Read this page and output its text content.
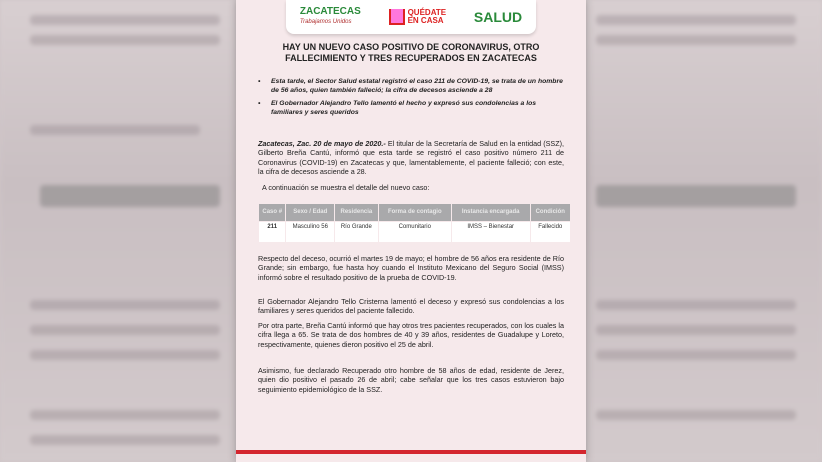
ZACATECAS
Trabajamos Unidos
QUÉDATE
EN CASA SALUD
HAY UN NUEVO CASO POSITIVO DE CORONAVIRUS, OTRO FALLECIMIENTO Y TRES RECUPERADOS EN ZACATECAS
• Esta tarde, el Sector Salud estatal registró el caso 211 de COVID-19, se trata de un hombre de 56 años, quien también falleció; la cifra de decesos asciende a 28
• El Gobernador Alejandro Tello lamentó el hecho y expresó sus condolencias a los familiares y seres queridos
Zacatecas, Zac. 20 de mayo de 2020.- El titular de la Secretaría de Salud en la entidad (SSZ), Gilberto Breña Cantú, informó que esta tarde se registró el caso positivo número 211 de Coronavirus (COVID-19) en Zacatecas y que, lamentablemente, el paciente falleció; con este, la cifra de decesos asciende a 28.
A continuación se muestra el detalle del nuevo caso:
Caso #	Sexo / Edad	Residencia	Forma de contagio	Instancia encargada	Condición
211	Masculino 56	Río Grande	Comunitario	IMSS – Bienestar	Fallecido
Respecto del deceso, ocurrió el martes 19 de mayo; el hombre de 56 años era residente de Río Grande; sin embargo, fue hasta hoy cuando el Instituto Mexicano del Seguro Social (IMSS) informó sobre el resultado positivo de la prueba de COVID-19.
El Gobernador Alejandro Tello Cristerna lamentó el deceso y expresó sus condolencias a los familiares y seres queridos del paciente fallecido.
Por otra parte, Breña Cantú informó que hay otros tres pacientes recuperados, con los cuales la cifra llega a 65. Se trata de dos hombres de 40 y 39 años, residentes de Guadalupe y Loreto, respectivamente, quienes dieron positivo el 25 de abril.
Asimismo, fue declarado Recuperado otro hombre de 58 años de edad, residente de Jerez, quien dio positivo el pasado 26 de abril; cabe señalar que los tres casos estuvieron bajo seguimiento epidemiológico de la SSZ.
